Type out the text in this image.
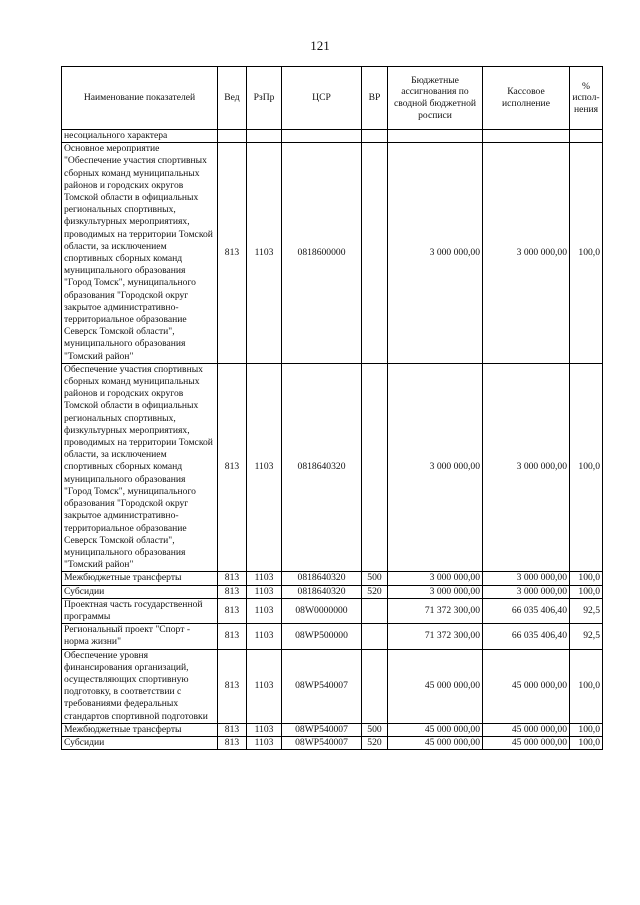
121
Наименование показателей	Вед	РзПр	ЦСР	ВР	Бюджетные ассигнования по сводной бюджетной росписи	Кассовое исполнение	% испол-нения
несоциального характера							
Основное мероприятие "Обеспечение участия спортивных сборных команд муниципальных районов и городских округов Томской области в официальных региональных спортивных, физкультурных мероприятиях, проводимых на территории Томской области, за исключением спортивных сборных команд муниципального образования "Город Томск", муниципального образования "Городской округ закрытое административно-территориальное образование Северск Томской области", муниципального образования "Томский район"	813	1103	0818600000		3 000 000,00	3 000 000,00	100,0
Обеспечение участия спортивных сборных команд муниципальных районов и городских округов Томской области в официальных региональных спортивных, физкультурных мероприятиях, проводимых на территории Томской области, за исключением спортивных сборных команд муниципального образования "Город Томск", муниципального образования "Городской округ закрытое административно-территориальное образование Северск Томской области", муниципального образования "Томский район"	813	1103	0818640320		3 000 000,00	3 000 000,00	100,0
Межбюджетные трансферты	813	1103	0818640320	500	3 000 000,00	3 000 000,00	100,0
Субсидии	813	1103	0818640320	520	3 000 000,00	3 000 000,00	100,0
Проектная часть государственной программы	813	1103	08W0000000		71 372 300,00	66 035 406,40	92,5
Региональный проект "Спорт - норма жизни"	813	1103	08WP500000		71 372 300,00	66 035 406,40	92,5
Обеспечение уровня финансирования организаций, осуществляющих спортивную подготовку, в соответствии с требованиями федеральных стандартов спортивной подготовки	813	1103	08WP540007		45 000 000,00	45 000 000,00	100,0
Межбюджетные трансферты	813	1103	08WP540007	500	45 000 000,00	45 000 000,00	100,0
Субсидии	813	1103	08WP540007	520	45 000 000,00	45 000 000,00	100,0
